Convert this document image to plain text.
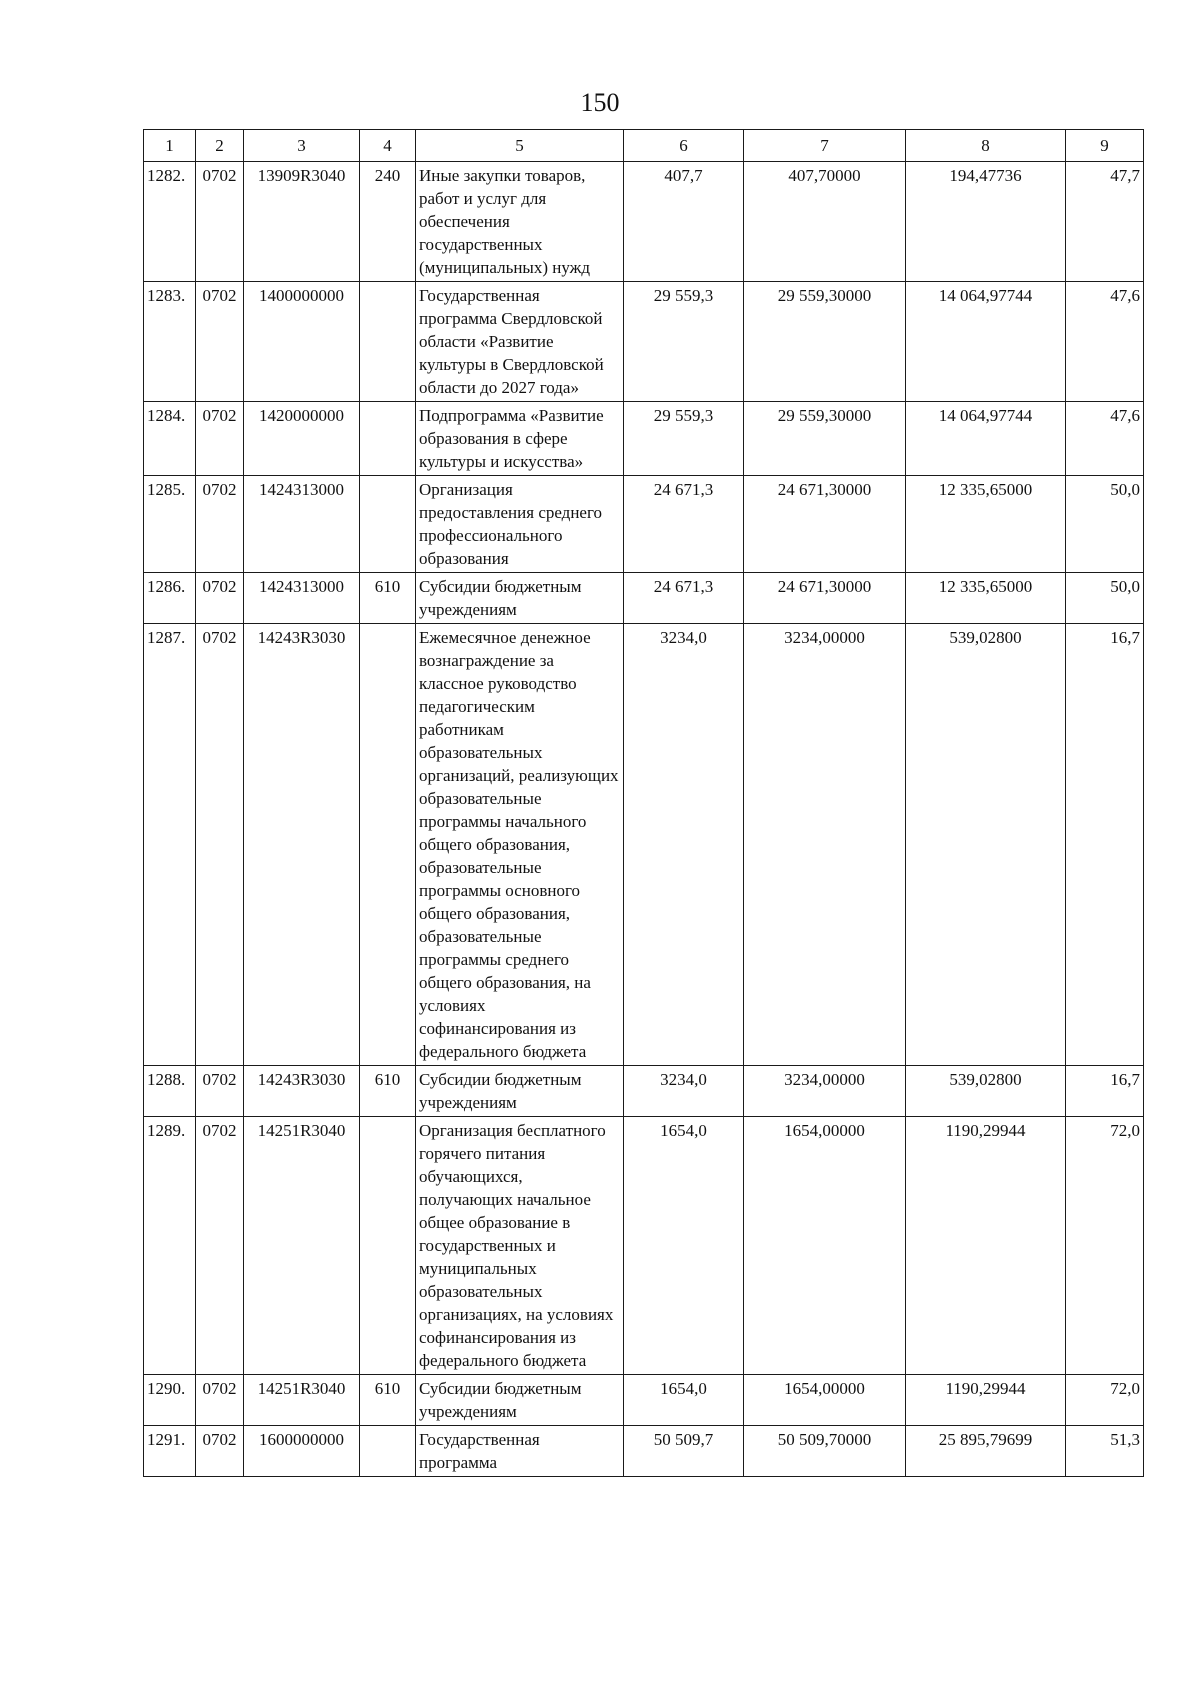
150
1	2	3	4	5	6	7	8	9
1282.	0702	13909R3040	240	Иные закупки товаров, работ и услуг для обеспечения государственных (муниципальных) нужд	407,7	407,70000	194,47736	47,7
1283.	0702	1400000000		Государственная программа Свердловской области «Развитие культуры в Свердловской области до 2027 года»	29 559,3	29 559,30000	14 064,97744	47,6
1284.	0702	1420000000		Подпрограмма «Развитие образования в сфере культуры и искусства»	29 559,3	29 559,30000	14 064,97744	47,6
1285.	0702	1424313000		Организация предоставления среднего профессионального образования	24 671,3	24 671,30000	12 335,65000	50,0
1286.	0702	1424313000	610	Субсидии бюджетным учреждениям	24 671,3	24 671,30000	12 335,65000	50,0
1287.	0702	14243R3030		Ежемесячное денежное вознаграждение за классное руководство педагогическим работникам образовательных организаций, реализующих образовательные программы начального общего образования, образовательные программы основного общего образования, образовательные программы среднего общего образования, на условиях софинансирования из федерального бюджета	3234,0	3234,00000	539,02800	16,7
1288.	0702	14243R3030	610	Субсидии бюджетным учреждениям	3234,0	3234,00000	539,02800	16,7
1289.	0702	14251R3040		Организация бесплатного горячего питания обучающихся, получающих начальное общее образование в государственных и муниципальных образовательных организациях, на условиях софинансирования из федерального бюджета	1654,0	1654,00000	1190,29944	72,0
1290.	0702	14251R3040	610	Субсидии бюджетным учреждениям	1654,0	1654,00000	1190,29944	72,0
1291.	0702	1600000000		Государственная программа	50 509,7	50 509,70000	25 895,79699	51,3
